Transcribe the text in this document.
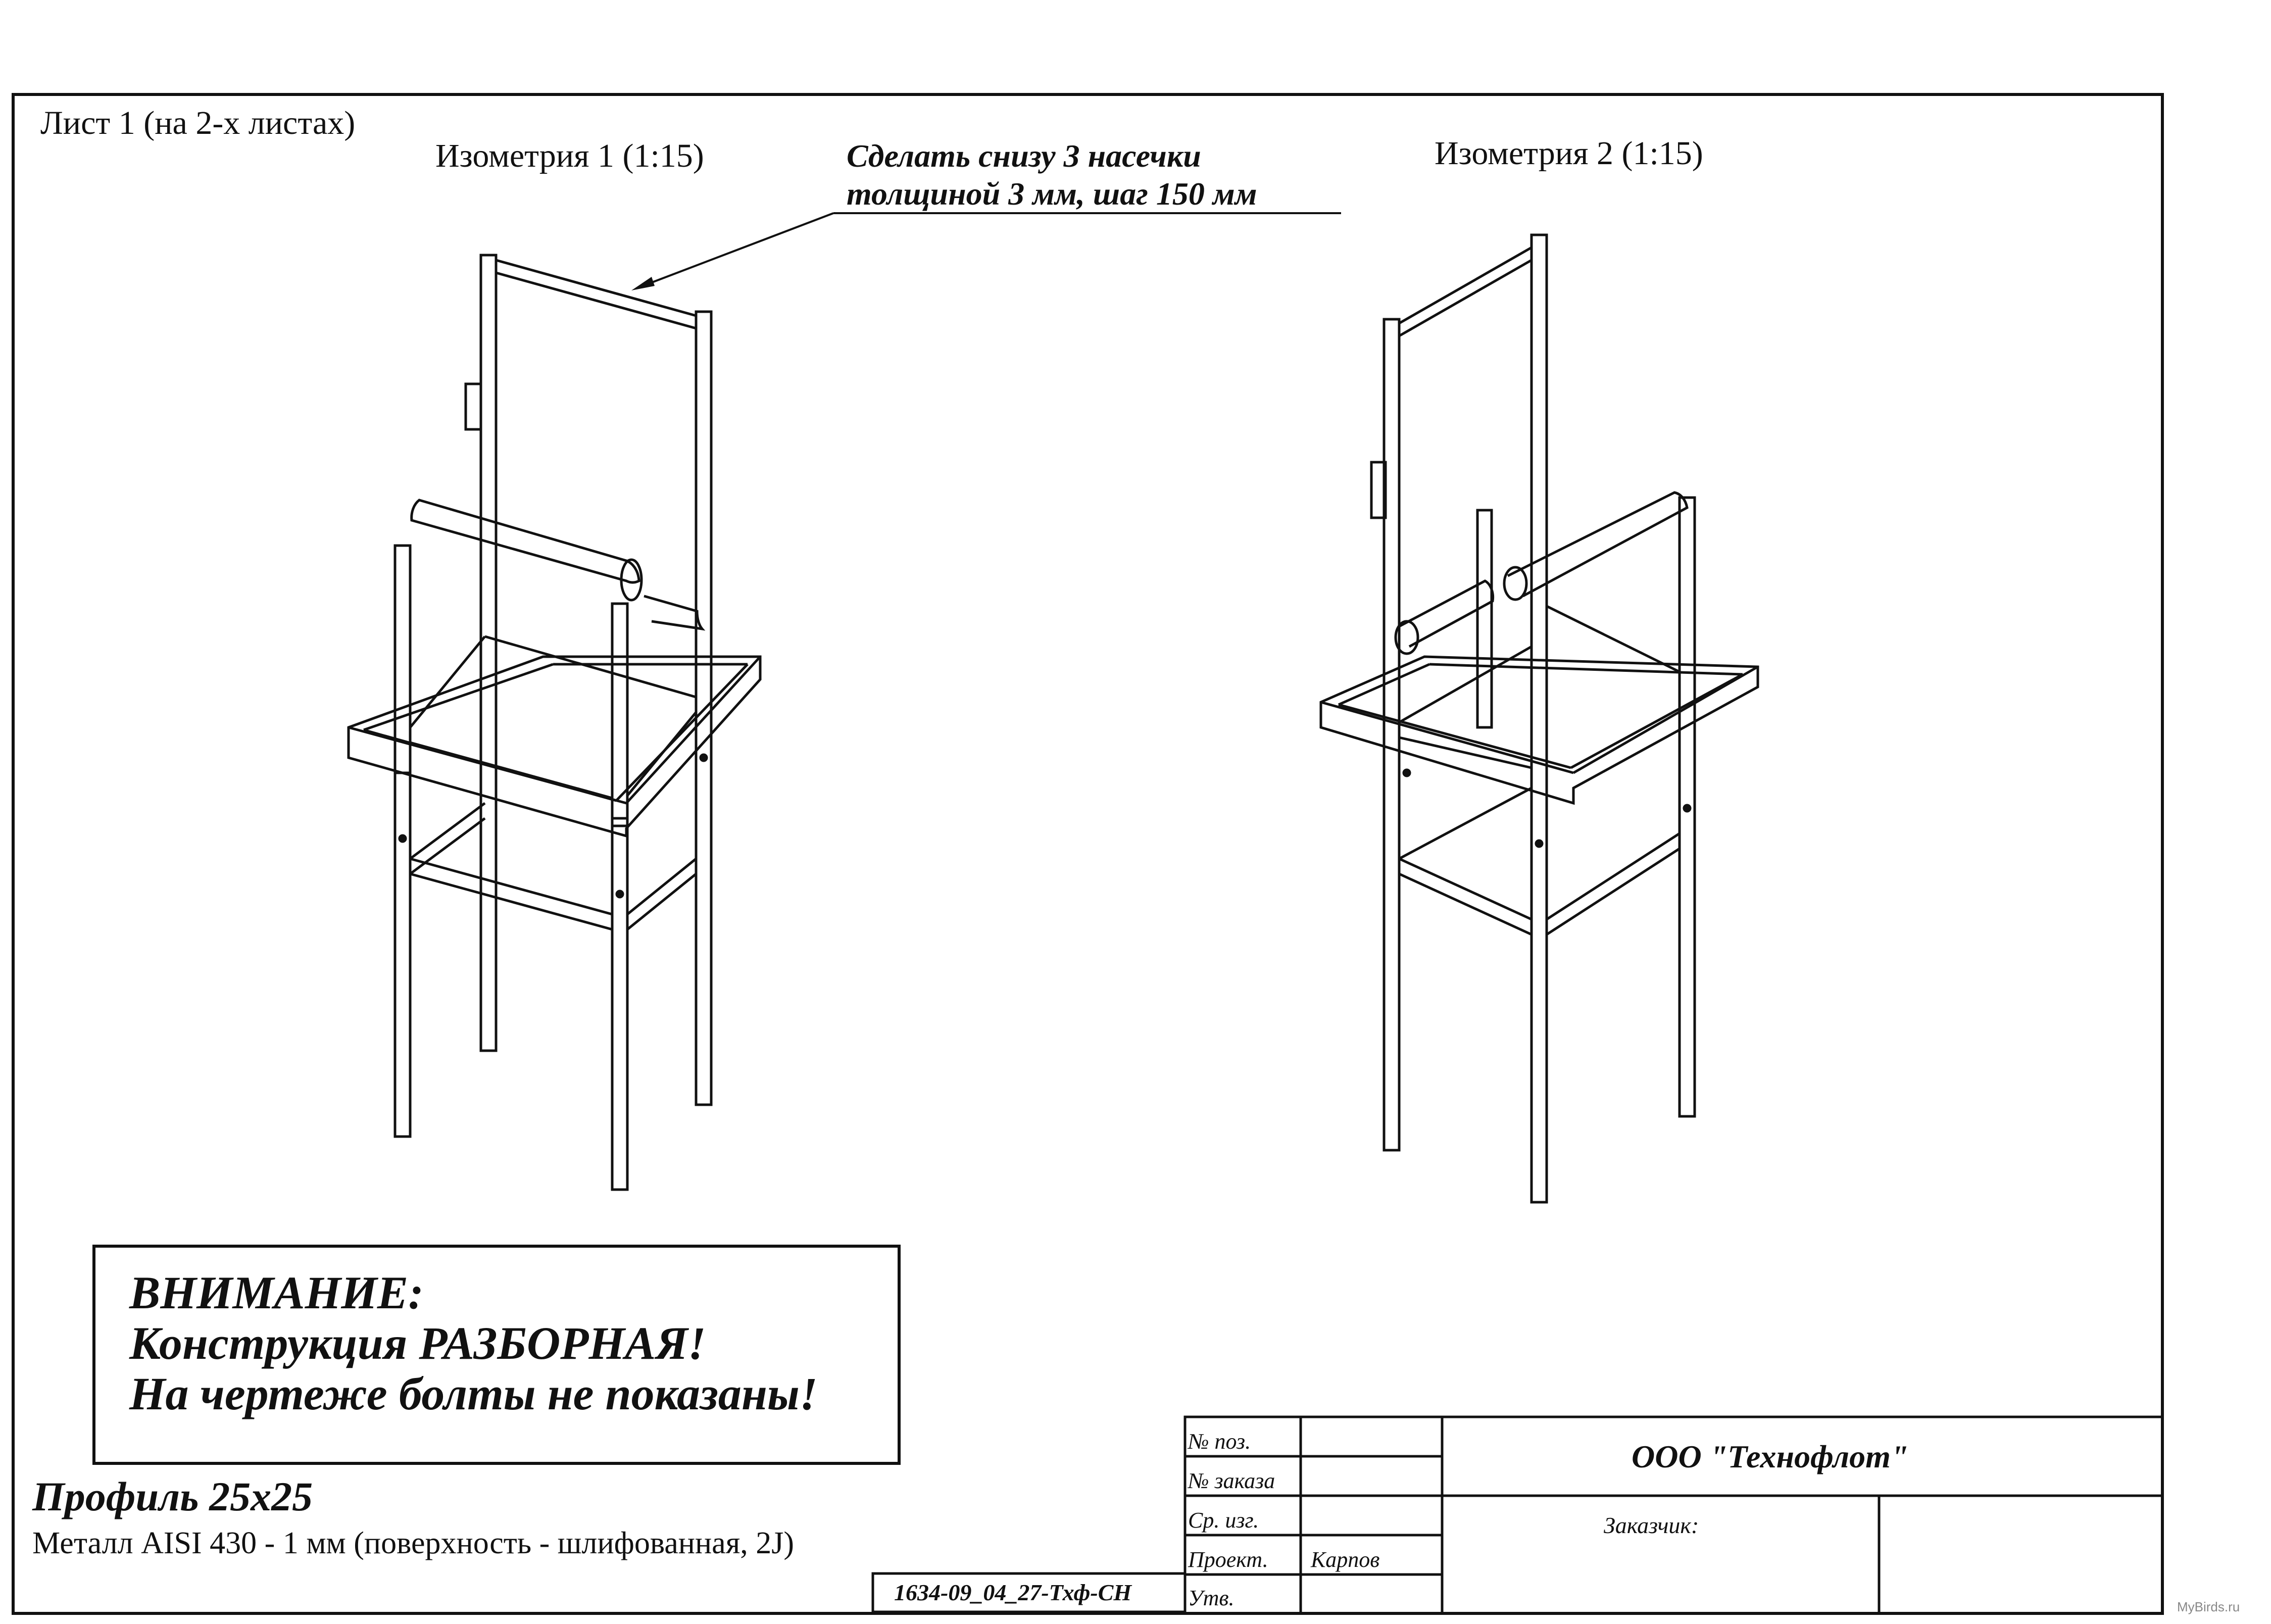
Лист 1 (на 2-х листах)
Изометрия 1 (1:15)	Изометрия 2 (1:15)
Сделать снизу 3 насечки
толщиной 3 мм, шаг 150 мм
ВНИМАНИЕ:
Конструкция РАЗБОРНАЯ!
На чертеже болты не показаны!
Профиль 25х25
Металл AISI 430 - 1 мм (поверхность - шлифованная, 2J)
1634-09_04_27-Тхф-СН
№ поз.
№ заказа
Ср. изг.
Проект.
Утв.
Карпов
ООО "Технофлот"
Заказчик:
MyBirds.ru
